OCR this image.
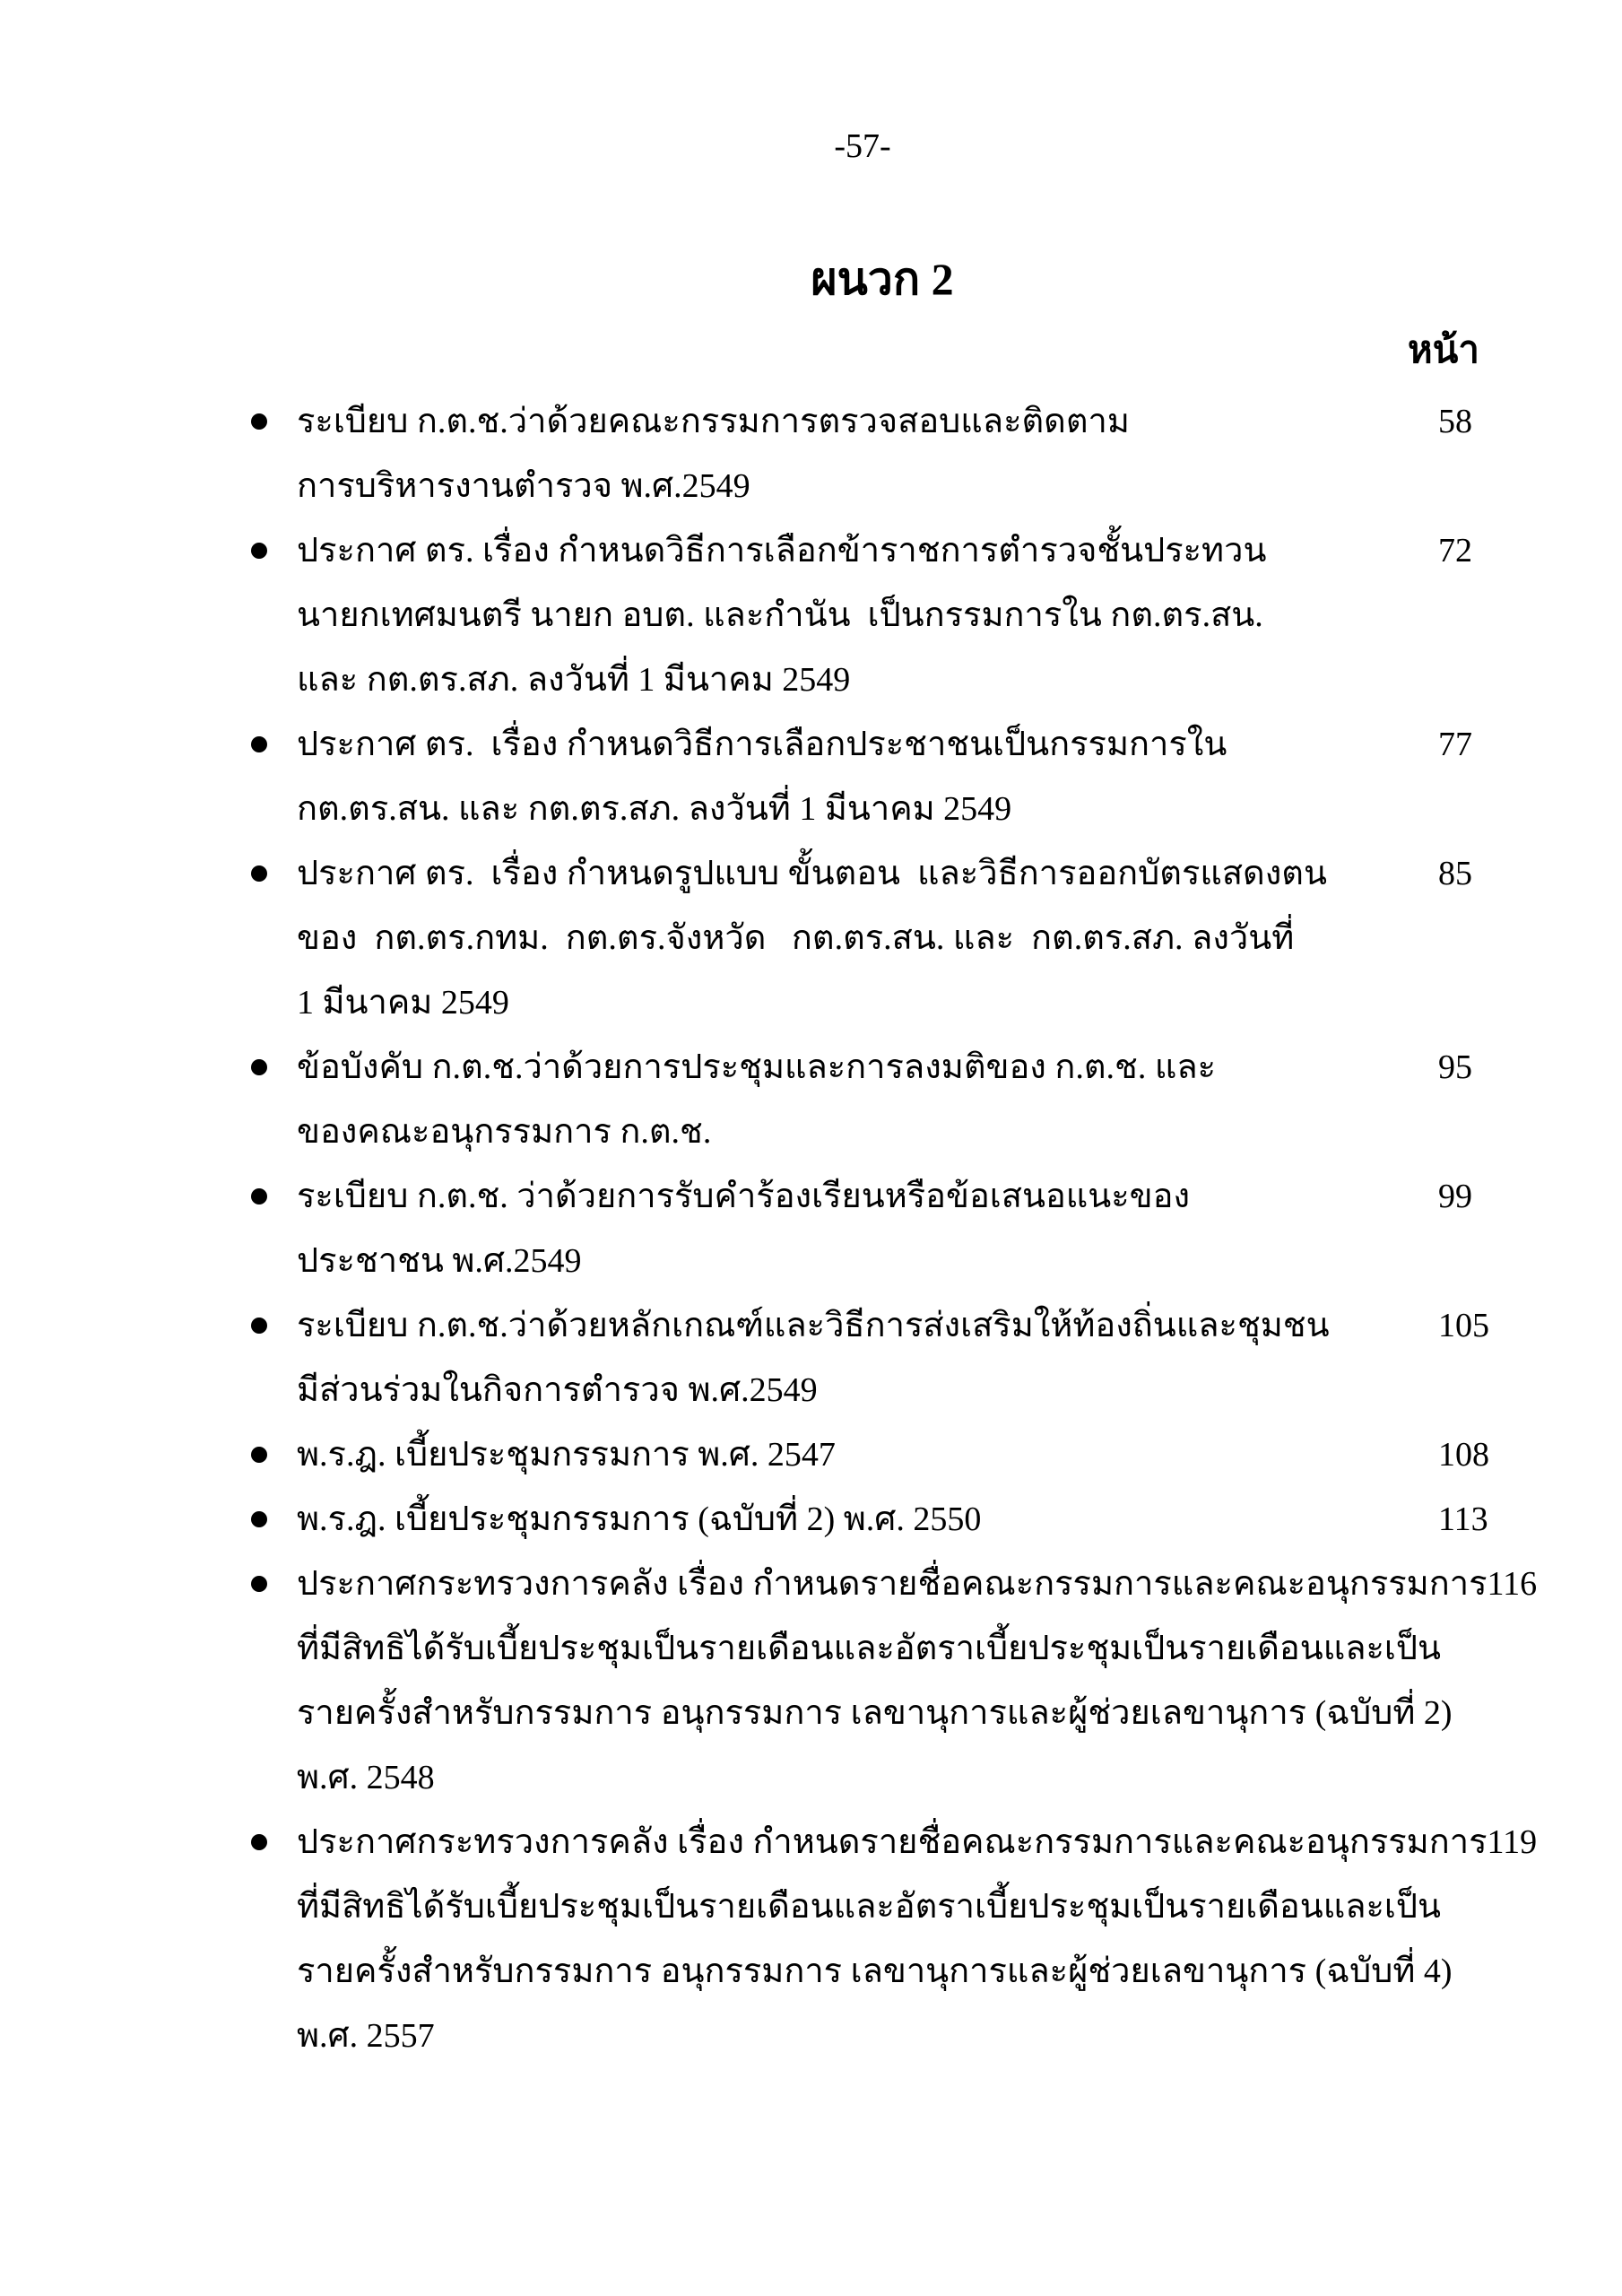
-57-
ผนวก 2
หน้า
ระเบียบ ก.ต.ช.ว่าด้วยคณะกรรมการตรวจสอบและติดตาม
การบริหารงานตำรวจ พ.ศ.2549
58
ประกาศ ตร. เรื่อง กำหนดวิธีการเลือกข้าราชการตำรวจชั้นประทวน
นายกเทศมนตรี นายก อบต. และกำนัน  เป็นกรรมการใน กต.ตร.สน.
และ กต.ตร.สภ. ลงวันที่ 1 มีนาคม 2549
72
ประกาศ ตร.  เรื่อง กำหนดวิธีการเลือกประชาชนเป็นกรรมการใน
กต.ตร.สน. และ กต.ตร.สภ. ลงวันที่ 1 มีนาคม 2549
77
ประกาศ ตร.  เรื่อง กำหนดรูปแบบ ขั้นตอน  และวิธีการออกบัตรแสดงตน
ของ  กต.ตร.กทม.  กต.ตร.จังหวัด   กต.ตร.สน. และ  กต.ตร.สภ. ลงวันที่
1 มีนาคม 2549
85
ข้อบังคับ ก.ต.ช.ว่าด้วยการประชุมและการลงมติของ ก.ต.ช. และ
ของคณะอนุกรรมการ ก.ต.ช.
95
ระเบียบ ก.ต.ช. ว่าด้วยการรับคำร้องเรียนหรือข้อเสนอแนะของ
ประชาชน พ.ศ.2549
99
ระเบียบ ก.ต.ช.ว่าด้วยหลักเกณฑ์และวิธีการส่งเสริมให้ท้องถิ่นและชุมชน
มีส่วนร่วมในกิจการตำรวจ พ.ศ.2549
105
พ.ร.ฎ. เบี้ยประชุมกรรมการ พ.ศ. 2547	108
พ.ร.ฎ. เบี้ยประชุมกรรมการ (ฉบับที่ 2) พ.ศ. 2550	113
ประกาศกระทรวงการคลัง เรื่อง กำหนดรายชื่อคณะกรรมการและคณะอนุกรรมการ
ที่มีสิทธิได้รับเบี้ยประชุมเป็นรายเดือนและอัตราเบี้ยประชุมเป็นรายเดือนและเป็น
รายครั้งสำหรับกรรมการ อนุกรรมการ เลขานุการและผู้ช่วยเลขานุการ (ฉบับที่ 2)
พ.ศ. 2548
116
ประกาศกระทรวงการคลัง เรื่อง กำหนดรายชื่อคณะกรรมการและคณะอนุกรรมการ
ที่มีสิทธิได้รับเบี้ยประชุมเป็นรายเดือนและอัตราเบี้ยประชุมเป็นรายเดือนและเป็น
รายครั้งสำหรับกรรมการ อนุกรรมการ เลขานุการและผู้ช่วยเลขานุการ (ฉบับที่ 4)
พ.ศ. 2557
119
